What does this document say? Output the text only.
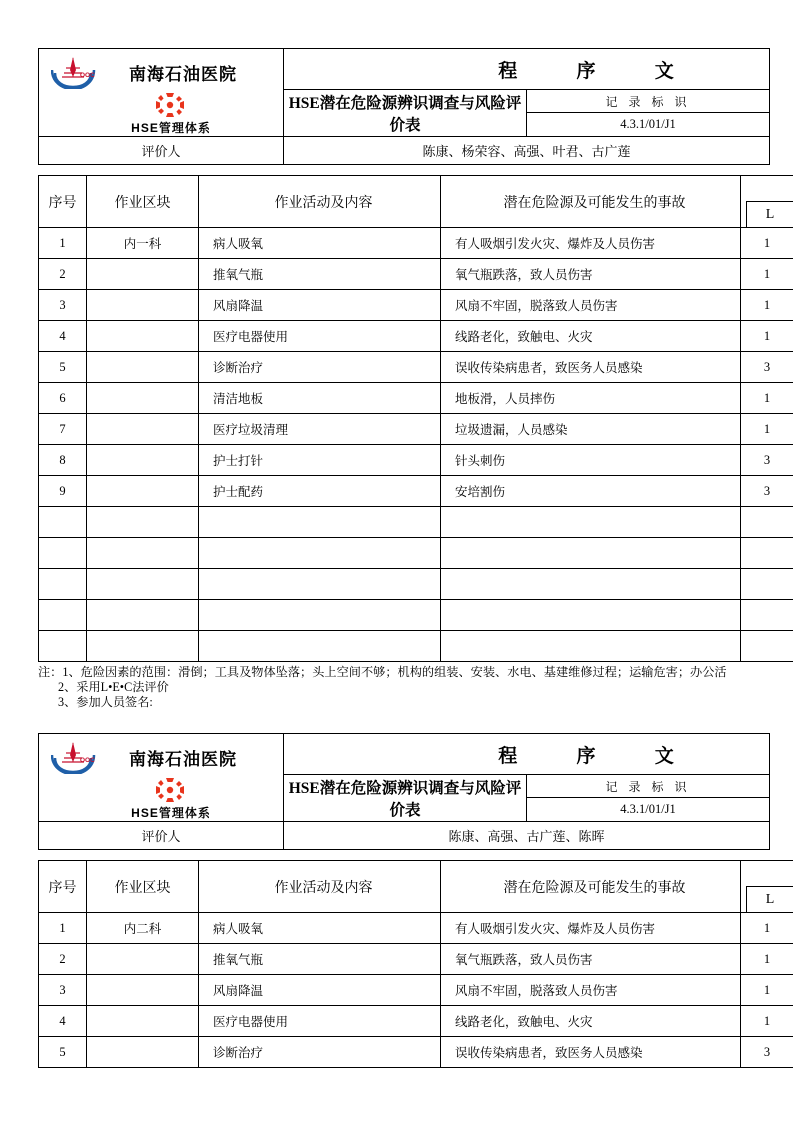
OOC	南海石油医院
HSE管理体系
	程 序 文
HSE潜在危险源辨识调查与风险评价表	
记 录 标 识
4.3.1/01/J1

评价人	陈康、杨荣容、高强、叶君、古广莲
序号	作业区块	作业活动及内容	潜在危险源及可能发生的事故	L

1	内一科	病人吸氧	有人吸烟引发火灾、爆炸及人员伤害	1
2		推氧气瓶	氧气瓶跌落，致人员伤害	1
3		风扇降温	风扇不牢固，脱落致人员伤害	1
4		医疗电器使用	线路老化，致触电、火灾	1
5		诊断治疗	误收传染病患者，致医务人员感染	3
6		清洁地板	地板滑，人员摔伤	1
7		医疗垃圾清理	垃圾遗漏，人员感染	1
8		护士打针	针头刺伤	3
9		护士配药	安培割伤	3

注：1、危险因素的范围：滑倒；工具及物体坠落；头上空间不够；机构的组装、安装、水电、基建维修过程；运输危害；办公活
2、采用L•E•C法评价
3、参加人员签名:
OOC	南海石油医院
HSE管理体系
	程 序 文
HSE潜在危险源辨识调查与风险评价表	
记 录 标 识
4.3.1/01/J1

评价人	陈康、高强、古广莲、陈晖
序号	作业区块	作业活动及内容	潜在危险源及可能发生的事故	L

1	内二科	病人吸氧	有人吸烟引发火灾、爆炸及人员伤害	1
2		推氧气瓶	氧气瓶跌落，致人员伤害	1
3		风扇降温	风扇不牢固，脱落致人员伤害	1
4		医疗电器使用	线路老化，致触电、火灾	1
5		诊断治疗	误收传染病患者，致医务人员感染	3
